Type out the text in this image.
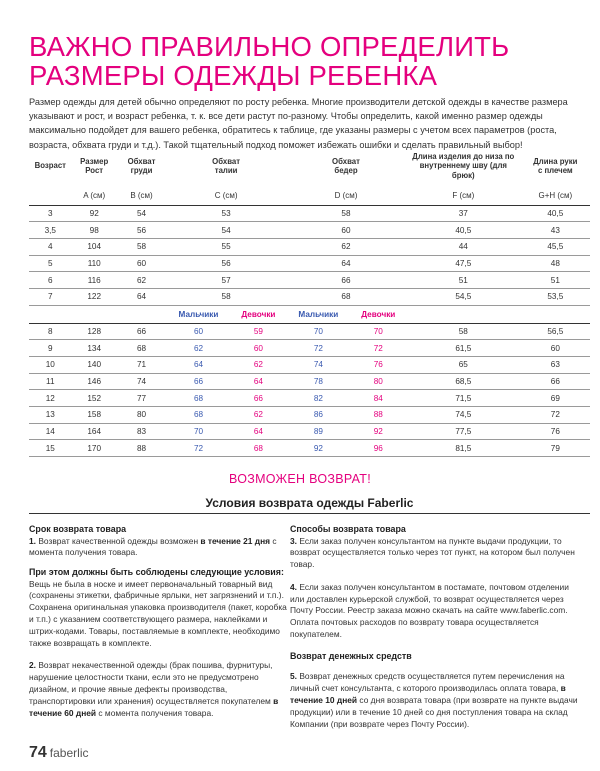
ВАЖНО ПРАВИЛЬНО ОПРЕДЕЛИТЬ
РАЗМЕРЫ ОДЕЖДЫ РЕБЕНКА

Размер одежды для детей обычно определяют по росту ребенка. Многие производители детской одежды в качестве размера указывают и рост, и возраст ребенка, т. к. все дети растут по-разному. Чтобы определить, какой именно размер одежды максимально подойдет для вашего ребенка, обратитесь к таблице, где указаны размеры с учетом всех параметров (роста, возраста, обхвата груди и т.д.). Такой тщательный подход поможет избежать ошибки и сделать правильный выбор!

Возраст	Размер Рост	Обхват груди	Обхват талии		Обхват бедер		Длина изделия до низа по внутреннему шву (для брюк)	Длина руки с плечем
	A (см)	B (см)	C (см)		D (см)		F (см)	G+H (см)
3	92	54	53		58		37	40,5
3,5	98	56	54		60		40,5	43
4	104	58	55		62		44	45,5
5	110	60	56		64		47,5	48
6	116	62	57		66		51	51
7	122	64	58		68		54,5	53,5
			Мальчики	Девочки	Мальчики	Девочки		
8	128	66	60	59	70	70	58	56,5
9	134	68	62	60	72	72	61,5	60
10	140	71	64	62	74	76	65	63
11	146	74	66	64	78	80	68,5	66
12	152	77	68	66	82	84	71,5	69
13	158	80	68	62	86	88	74,5	72
14	164	83	70	64	89	92	77,5	76
15	170	88	72	68	92	96	81,5	79
ВОЗМОЖЕН ВОЗВРАТ!
Условия возврата одежды Faberlic
Срок возврата товара

1. Возврат качественной одежды возможен в течение 21 дня с момента получения товара.

При этом должны быть соблюдены следующие условия:

Вещь не была в носке и имеет первоначальный товарный вид (сохранены этикетки, фабричные ярлыки, нет загрязнений и т.п.). Сохранена оригинальная упаковка производителя (пакет, коробка и т.п.) с указанием соответствующего размера, наклейками и штрих-кодами. Товары, поставляемые в комплекте, необходимо также возвращать в комплекте.

2. Возврат некачественной одежды (брак пошива, фурнитуры, нарушение целостности ткани, если это не предусмотрено дизайном, и прочие явные дефекты производства, транспортировки или хранения) осуществляется покупателем в течение 60 дней с момента получения товара.

Способы возврата товара

3. Если заказ получен консультантом на пункте выдачи продукции, то возврат осуществляется только через тот пункт, на котором был получен товар.

4. Если заказ получен консультантом в постамате, почтовом отделении или доставлен курьерской службой, то возврат осуществляется через Почту России. Реестр заказа можно скачать на сайте www.faberlic.com. Оплата почтовых расходов по возврату товара осуществляется покупателем.

Возврат денежных средств

5. Возврат денежных средств осуществляется путем перечисления на личный счет консультанта, с которого производилась оплата товара, в течение 10 дней со дня возврата товара (при возврате на пункте выдачи продукции) или в течение 10 дней со дня поступления товара на склад Компании (при возврате через Почту России).

74 faberlic
